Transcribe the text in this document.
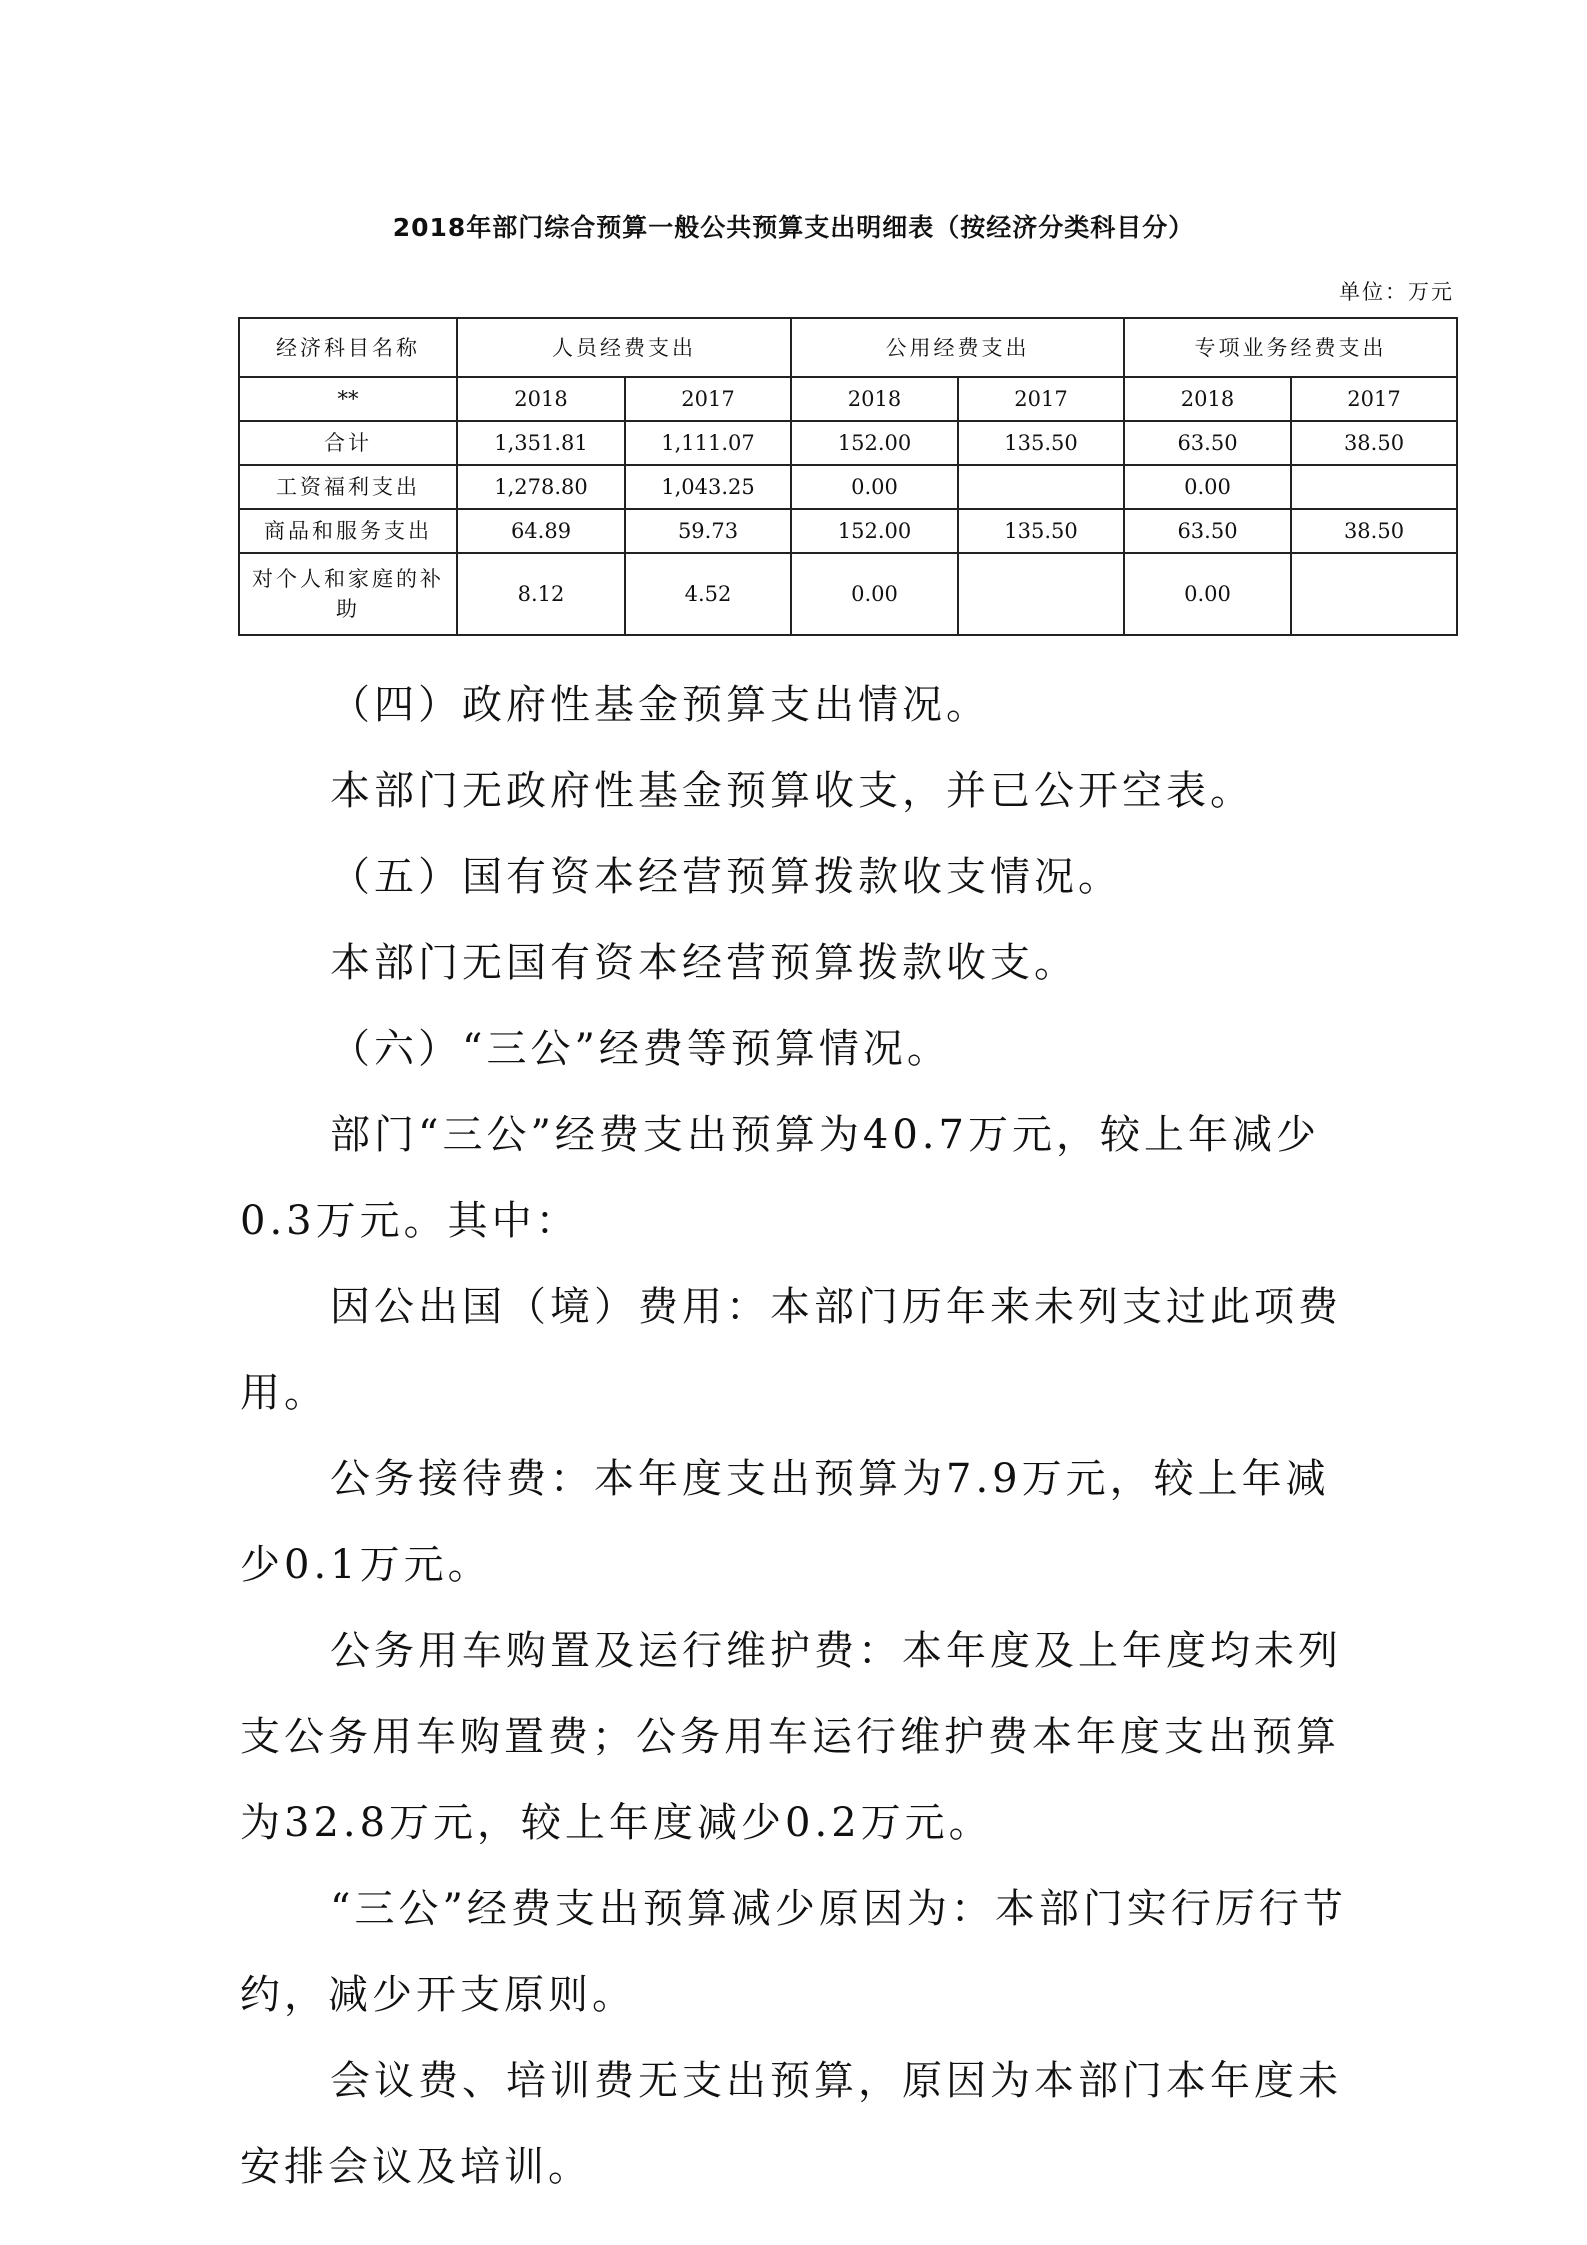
2018年部门综合预算一般公共预算支出明细表（按经济分类科目分）
单位：万元
经济科目名称	人员经费支出		公用经费支出		专项业务经费支出	
**	2018	2017	2018	2017	2018	2017
合计	1,351.81	1,111.07	152.00	135.50	63.50	38.50
工资福利支出	1,278.80	1,043.25	0.00		0.00	
商品和服务支出	64.89	59.73	152.00	135.50	63.50	38.50
对个人和家庭的补助	8.12	4.52	0.00		0.00	

（四）政府性基金预算支出情况。

本部门无政府性基金预算收支，并已公开空表。

（五）国有资本经营预算拨款收支情况。

本部门无国有资本经营预算拨款收支。

（六）“三公”经费等预算情况。

部门“三公”经费支出预算为40.7万元，较上年减少0.3万元。其中：

因公出国（境）费用：本部门历年来未列支过此项费用。

公务接待费：本年度支出预算为7.9万元，较上年减少0.1万元。

公务用车购置及运行维护费：本年度及上年度均未列支公务用车购置费；公务用车运行维护费本年度支出预算为32.8万元，较上年度减少0.2万元。

“三公”经费支出预算减少原因为：本部门实行厉行节约，减少开支原则。

会议费、培训费无支出预算，原因为本部门本年度未安排会议及培训。
